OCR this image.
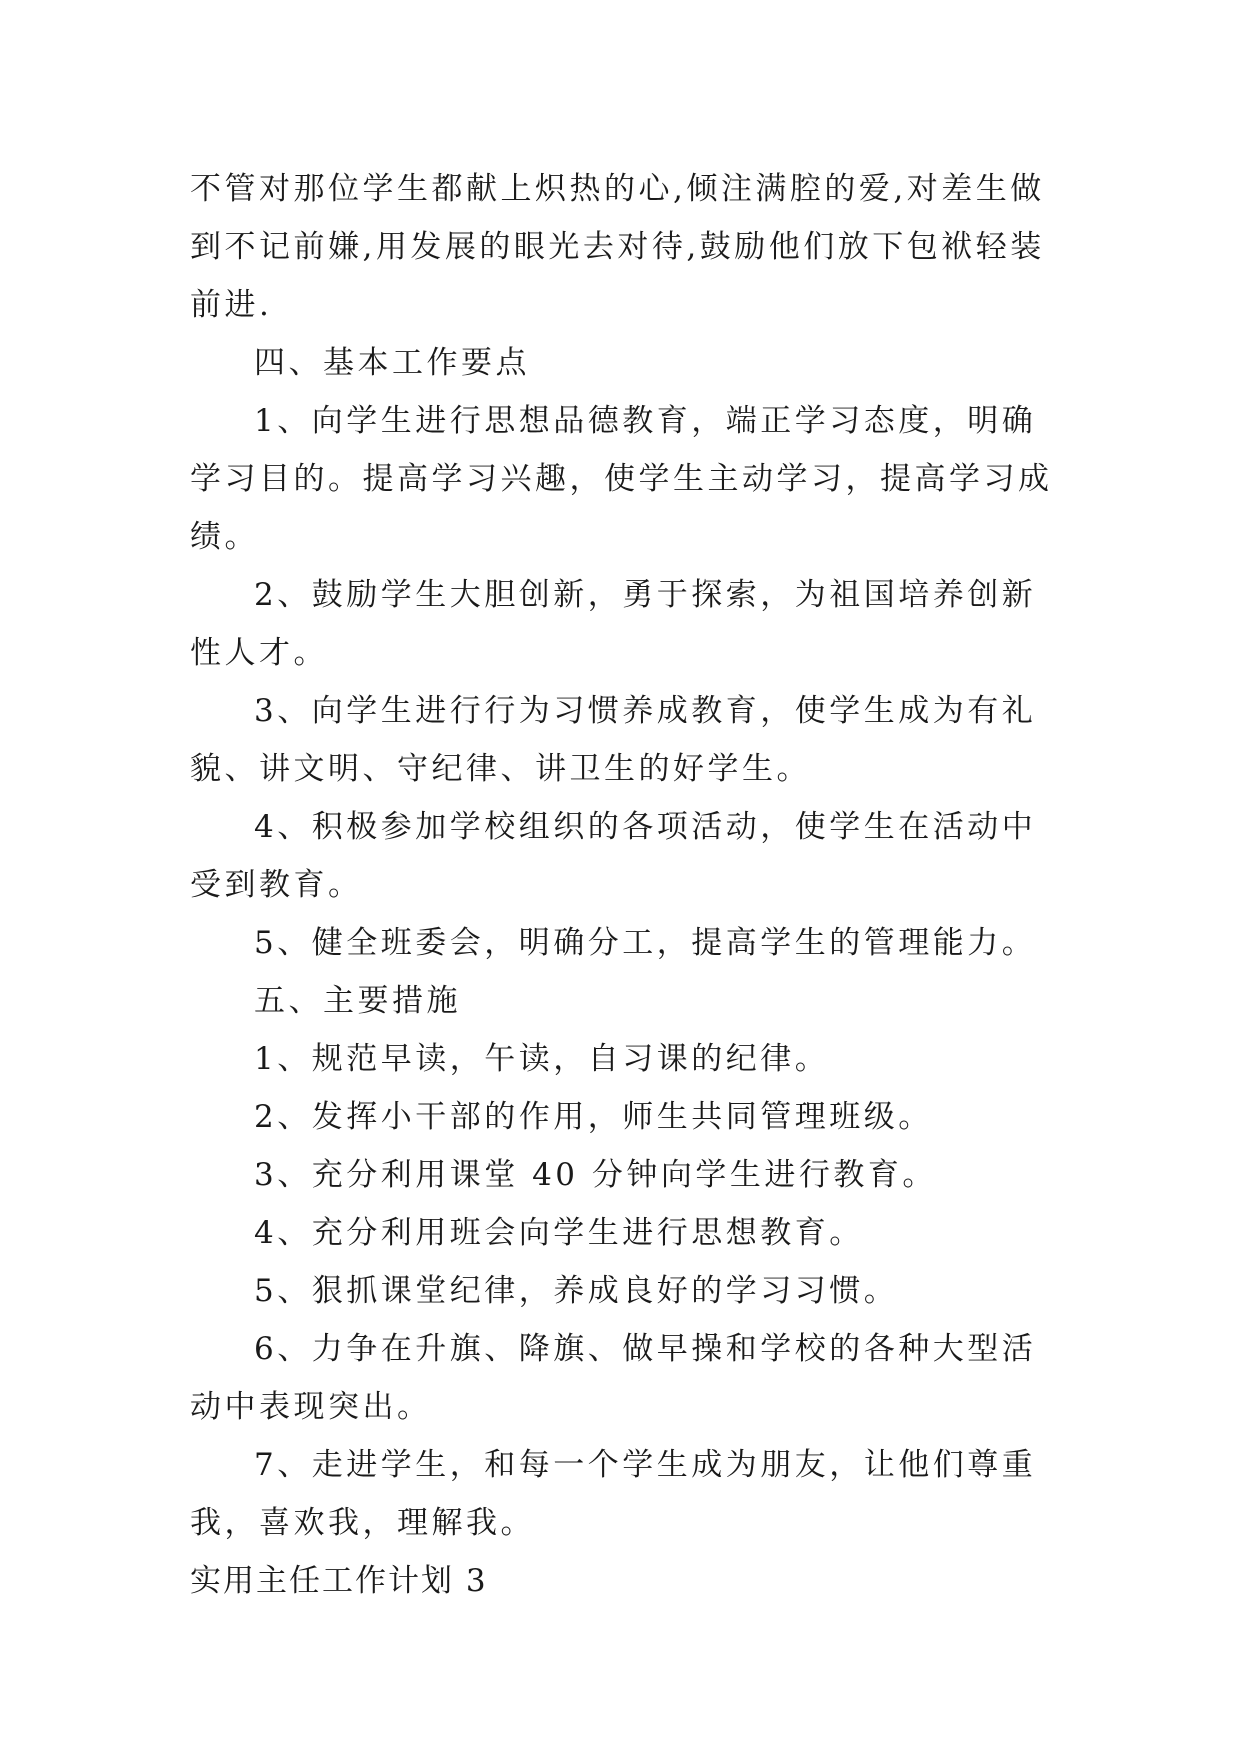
不管对那位学生都献上炽热的心,倾注满腔的爱,对差生做到不记前嫌,用发展的眼光去对待,鼓励他们放下包袱轻装前进.

四、基本工作要点

1、向学生进行思想品德教育，端正学习态度，明确学习目的。提高学习兴趣，使学生主动学习，提高学习成绩。

2、鼓励学生大胆创新，勇于探索，为祖国培养创新性人才。

3、向学生进行行为习惯养成教育，使学生成为有礼貌、讲文明、守纪律、讲卫生的好学生。

4、积极参加学校组织的各项活动，使学生在活动中受到教育。

5、健全班委会，明确分工，提高学生的管理能力。

五、主要措施

1、规范早读，午读，自习课的纪律。

2、发挥小干部的作用，师生共同管理班级。

3、充分利用课堂 40 分钟向学生进行教育。

4、充分利用班会向学生进行思想教育。

5、狠抓课堂纪律，养成良好的学习习惯。

6、力争在升旗、降旗、做早操和学校的各种大型活动中表现突出。

7、走进学生，和每一个学生成为朋友，让他们尊重我，喜欢我，理解我。

实用主任工作计划 3
